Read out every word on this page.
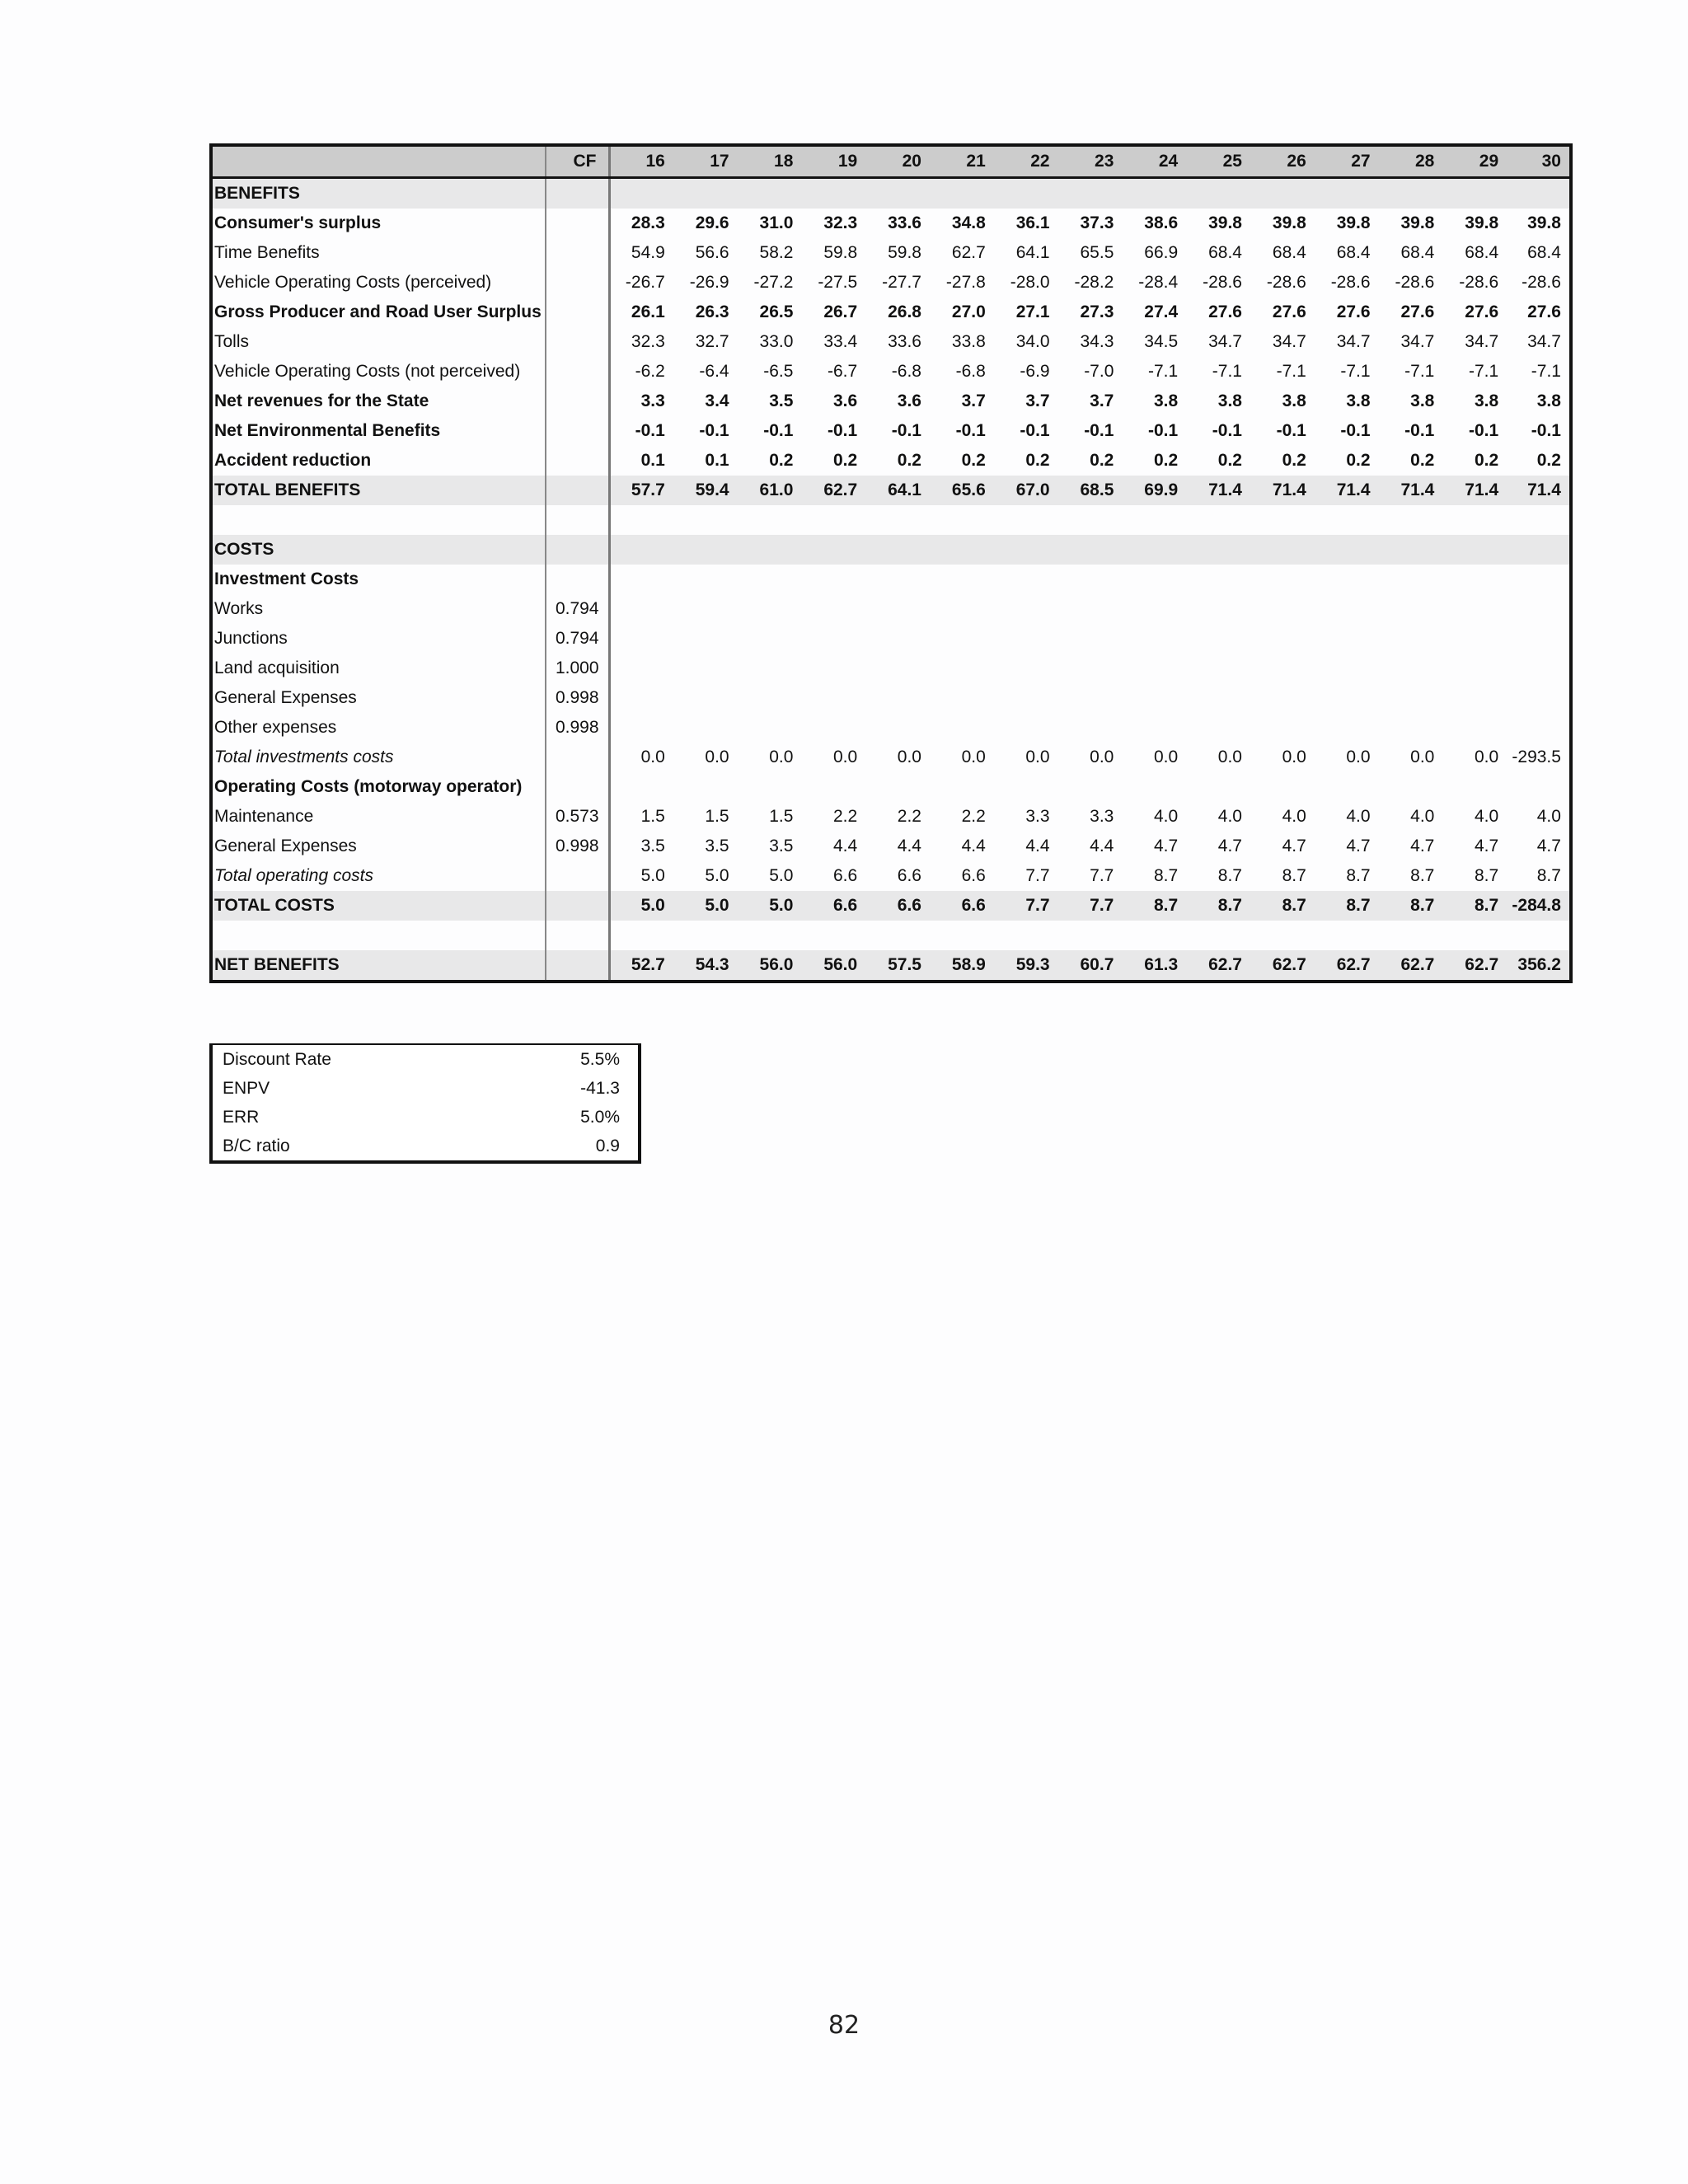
	CF	16	17	18	19	20	21	22	23	24	25	26	27	28	29	30
BENEFITS																
Consumer's surplus		28.3	29.6	31.0	32.3	33.6	34.8	36.1	37.3	38.6	39.8	39.8	39.8	39.8	39.8	39.8
Time Benefits		54.9	56.6	58.2	59.8	59.8	62.7	64.1	65.5	66.9	68.4	68.4	68.4	68.4	68.4	68.4
Vehicle Operating Costs (perceived)		-26.7	-26.9	-27.2	-27.5	-27.7	-27.8	-28.0	-28.2	-28.4	-28.6	-28.6	-28.6	-28.6	-28.6	-28.6
Gross Producer and Road User Surplus		26.1	26.3	26.5	26.7	26.8	27.0	27.1	27.3	27.4	27.6	27.6	27.6	27.6	27.6	27.6
Tolls		32.3	32.7	33.0	33.4	33.6	33.8	34.0	34.3	34.5	34.7	34.7	34.7	34.7	34.7	34.7
Vehicle Operating Costs (not perceived)		-6.2	-6.4	-6.5	-6.7	-6.8	-6.8	-6.9	-7.0	-7.1	-7.1	-7.1	-7.1	-7.1	-7.1	-7.1
Net revenues for the State		3.3	3.4	3.5	3.6	3.6	3.7	3.7	3.7	3.8	3.8	3.8	3.8	3.8	3.8	3.8
Net Environmental Benefits		-0.1	-0.1	-0.1	-0.1	-0.1	-0.1	-0.1	-0.1	-0.1	-0.1	-0.1	-0.1	-0.1	-0.1	-0.1
Accident reduction		0.1	0.1	0.2	0.2	0.2	0.2	0.2	0.2	0.2	0.2	0.2	0.2	0.2	0.2	0.2
TOTAL BENEFITS		57.7	59.4	61.0	62.7	64.1	65.6	67.0	68.5	69.9	71.4	71.4	71.4	71.4	71.4	71.4

COSTS																
Investment Costs																
Works	0.794															
Junctions	0.794															
Land acquisition	1.000															
General Expenses	0.998															
Other expenses	0.998															
Total investments costs		0.0	0.0	0.0	0.0	0.0	0.0	0.0	0.0	0.0	0.0	0.0	0.0	0.0	0.0	-293.5
Operating Costs (motorway operator)																
Maintenance	0.573	1.5	1.5	1.5	2.2	2.2	2.2	3.3	3.3	4.0	4.0	4.0	4.0	4.0	4.0	4.0
General Expenses	0.998	3.5	3.5	3.5	4.4	4.4	4.4	4.4	4.4	4.7	4.7	4.7	4.7	4.7	4.7	4.7
Total operating costs		5.0	5.0	5.0	6.6	6.6	6.6	7.7	7.7	8.7	8.7	8.7	8.7	8.7	8.7	8.7
TOTAL COSTS		5.0	5.0	5.0	6.6	6.6	6.6	7.7	7.7	8.7	8.7	8.7	8.7	8.7	8.7	-284.8

NET BENEFITS		52.7	54.3	56.0	56.0	57.5	58.9	59.3	60.7	61.3	62.7	62.7	62.7	62.7	62.7	356.2
Discount Rate	5.5%
ENPV	-41.3
ERR	5.0%
B/C ratio	0.9
82
